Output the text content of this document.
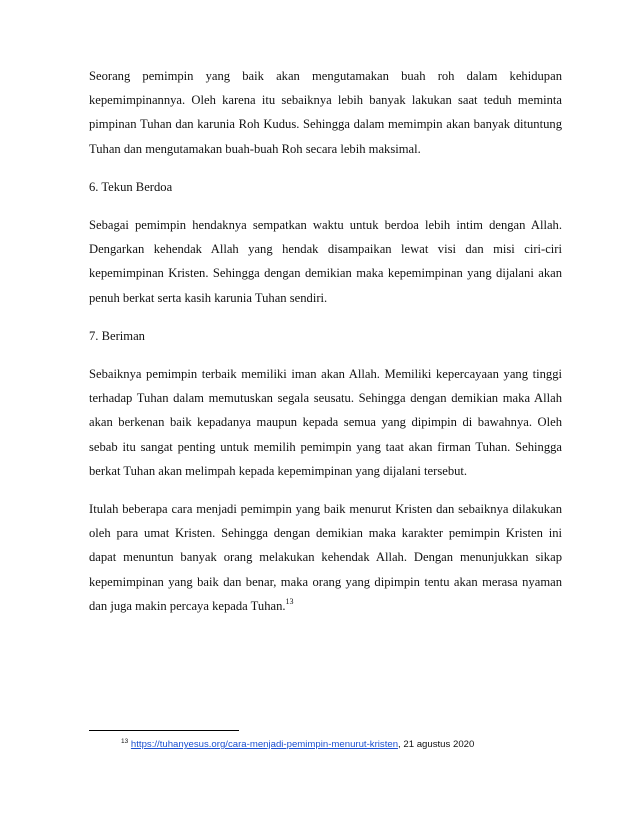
Seorang pemimpin yang baik akan mengutamakan buah roh dalam kehidupan kepemimpinannya. Oleh karena itu sebaiknya lebih banyak lakukan saat teduh meminta pimpinan Tuhan dan karunia Roh Kudus. Sehingga dalam memimpin akan banyak dituntung Tuhan dan mengutamakan buah-buah Roh secara lebih maksimal.

6. Tekun Berdoa

Sebagai pemimpin hendaknya sempatkan waktu untuk berdoa lebih intim dengan Allah. Dengarkan kehendak Allah yang hendak disampaikan lewat visi dan misi ciri-ciri kepemimpinan Kristen. Sehingga dengan demikian maka kepemimpinan yang dijalani akan penuh berkat serta kasih karunia Tuhan sendiri.

7. Beriman

Sebaiknya pemimpin terbaik memiliki iman akan Allah. Memiliki kepercayaan yang tinggi terhadap Tuhan dalam memutuskan segala seusatu. Sehingga dengan demikian maka Allah akan berkenan baik kepadanya maupun kepada semua yang dipimpin di bawahnya. Oleh sebab itu sangat penting untuk memilih pemimpin yang taat akan firman Tuhan. Sehingga berkat Tuhan akan melimpah kepada kepemimpinan yang dijalani tersebut.

Itulah beberapa cara menjadi pemimpin yang baik menurut Kristen dan sebaiknya dilakukan oleh para umat Kristen. Sehingga dengan demikian maka karakter pemimpin Kristen ini dapat menuntun banyak orang melakukan kehendak Allah. Dengan menunjukkan sikap kepemimpinan yang baik dan benar, maka orang yang dipimpin tentu akan merasa nyaman dan juga makin percaya kepada Tuhan.$^{13}$

$^{13}$ https://tuhanyesus.org/cara-menjadi-pemimpin-menurut-kristen, 21 agustus 2020
